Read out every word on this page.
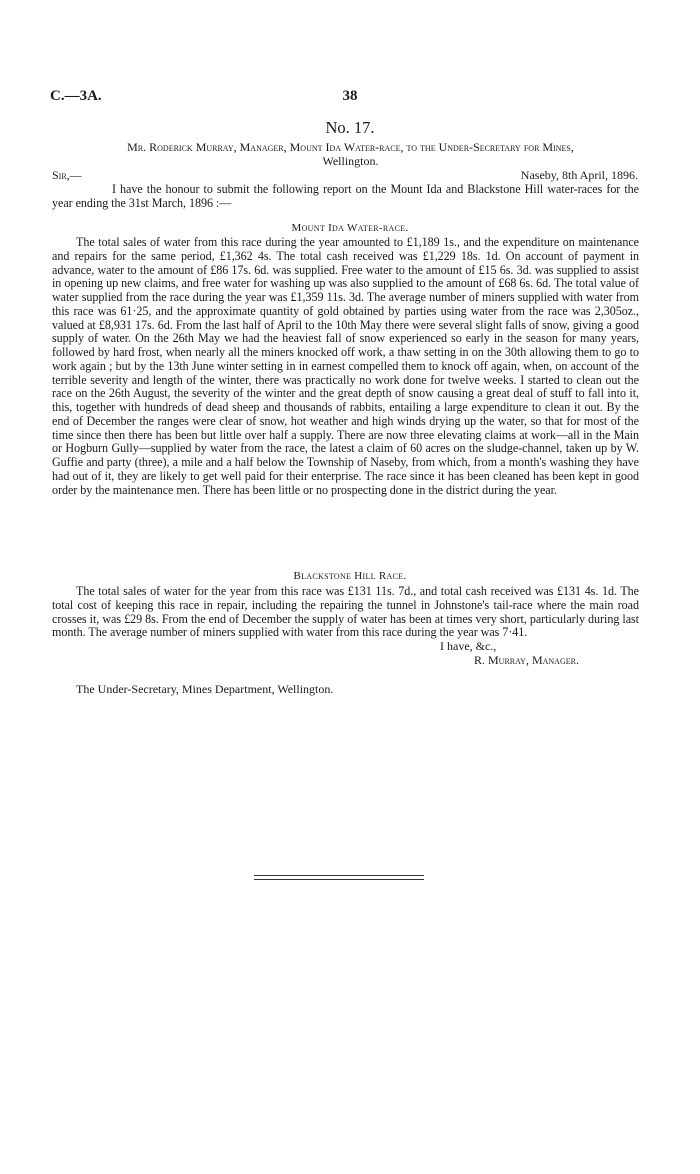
C.—3A.	38
No. 17.
Mr. Roderick Murray, Manager, Mount Ida Water-race, to the Under-Secretary for Mines,
Wellington.
Sir,—	Naseby, 8th April, 1896.
I have the honour to submit the following report on the Mount Ida and Blackstone Hill water-races for the year ending the 31st March, 1896 :—
Mount Ida Water-race.
The total sales of water from this race during the year amounted to £1,189 1s., and the expenditure on maintenance and repairs for the same period, £1,362 4s. The total cash received was £1,229 18s. 1d. On account of payment in advance, water to the amount of £86 17s. 6d. was supplied. Free water to the amount of £15 6s. 3d. was supplied to assist in opening up new claims, and free water for washing up was also supplied to the amount of £68 6s. 6d. The total value of water supplied from the race during the year was £1,359 11s. 3d. The average number of miners supplied with water from this race was 61·25, and the approximate quantity of gold obtained by parties using water from the race was 2,305oz., valued at £8,931 17s. 6d. From the last half of April to the 10th May there were several slight falls of snow, giving a good supply of water. On the 26th May we had the heaviest fall of snow experienced so early in the season for many years, followed by hard frost, when nearly all the miners knocked off work, a thaw setting in on the 30th allowing them to go to work again ; but by the 13th June winter setting in in earnest compelled them to knock off again, when, on account of the terrible severity and length of the winter, there was practically no work done for twelve weeks. I started to clean out the race on the 26th August, the severity of the winter and the great depth of snow causing a great deal of stuff to fall into it, this, together with hundreds of dead sheep and thousands of rabbits, entailing a large expenditure to clean it out. By the end of December the ranges were clear of snow, hot weather and high winds drying up the water, so that for most of the time since then there has been but little over half a supply. There are now three elevating claims at work—all in the Main or Hogburn Gully—supplied by water from the race, the latest a claim of 60 acres on the sludge-channel, taken up by W. Guffie and party (three), a mile and a half below the Township of Naseby, from which, from a month's washing they have had out of it, they are likely to get well paid for their enterprise. The race since it has been cleaned has been kept in good order by the maintenance men. There has been little or no prospecting done in the district during the year.
Blackstone Hill Race.
The total sales of water for the year from this race was £131 11s. 7d., and total cash received was £131 4s. 1d. The total cost of keeping this race in repair, including the repairing the tunnel in Johnstone's tail-race where the main road crosses it, was £29 8s. From the end of December the supply of water has been at times very short, particularly during last month. The average number of miners supplied with water from this race during the year was 7·41.
I have, &c.,
R. Murray, Manager.
The Under-Secretary, Mines Department, Wellington.
